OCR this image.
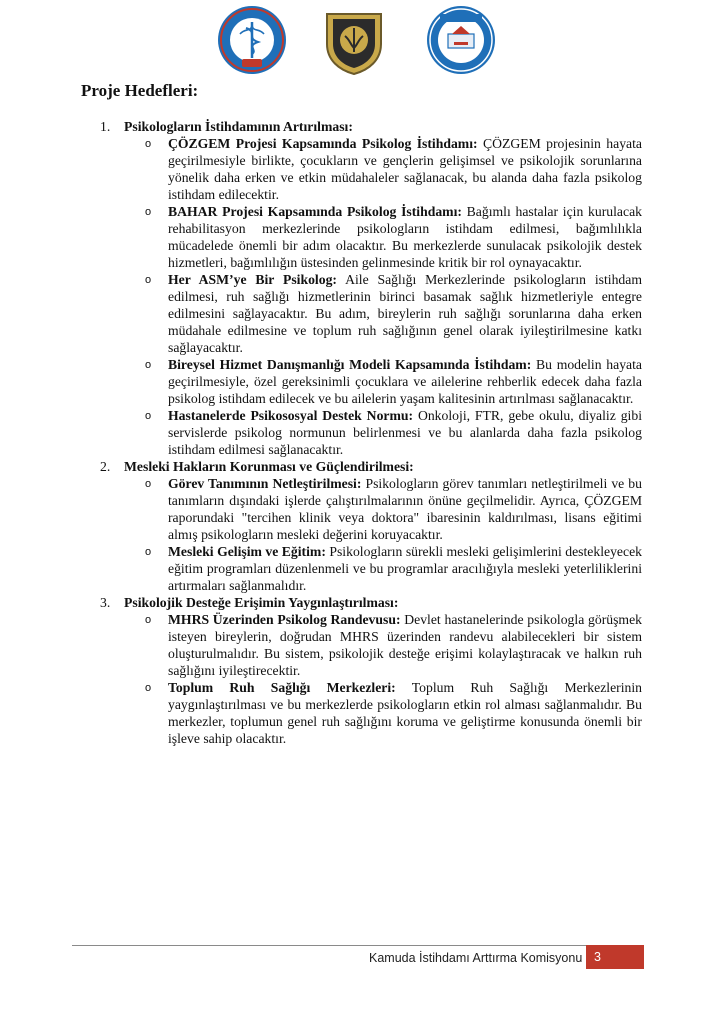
Proje Hedefleri:
1. Psikologların İstihdamının Artırılması:
o ÇÖZGEM Projesi Kapsamında Psikolog İstihdamı: ÇÖZGEM projesinin hayata geçirilmesiyle birlikte, çocukların ve gençlerin gelişimsel ve psikolojik sorunlarına yönelik daha erken ve etkin müdahaleler sağlanacak, bu alanda daha fazla psikolog istihdam edilecektir.
o BAHAR Projesi Kapsamında Psikolog İstihdamı: Bağımlı hastalar için kurulacak rehabilitasyon merkezlerinde psikologların istihdam edilmesi, bağımlılıkla mücadelede önemli bir adım olacaktır. Bu merkezlerde sunulacak psikolojik destek hizmetleri, bağımlılığın üstesinden gelinmesinde kritik bir rol oynayacaktır.
o Her ASM’ye Bir Psikolog: Aile Sağlığı Merkezlerinde psikologların istihdam edilmesi, ruh sağlığı hizmetlerinin birinci basamak sağlık hizmetleriyle entegre edilmesini sağlayacaktır. Bu adım, bireylerin ruh sağlığı sorunlarına daha erken müdahale edilmesine ve toplum ruh sağlığının genel olarak iyileştirilmesine katkı sağlayacaktır.
o Bireysel Hizmet Danışmanlığı Modeli Kapsamında İstihdam: Bu modelin hayata geçirilmesiyle, özel gereksinimli çocuklara ve ailelerine rehberlik edecek daha fazla psikolog istihdam edilecek ve bu ailelerin yaşam kalitesinin artırılması sağlanacaktır.
o Hastanelerde Psikososyal Destek Normu: Onkoloji, FTR, gebe okulu, diyaliz gibi servislerde psikolog normunun belirlenmesi ve bu alanlarda daha fazla psikolog istihdam edilmesi sağlanacaktır.
2. Mesleki Hakların Korunması ve Güçlendirilmesi:
o Görev Tanımının Netleştirilmesi: Psikologların görev tanımları netleştirilmeli ve bu tanımların dışındaki işlerde çalıştırılmalarının önüne geçilmelidir. Ayrıca, ÇÖZGEM raporundaki "tercihen klinik veya doktora" ibaresinin kaldırılması, lisans eğitimi almış psikologların mesleki değerini koruyacaktır.
o Mesleki Gelişim ve Eğitim: Psikologların sürekli mesleki gelişimlerini destekleyecek eğitim programları düzenlenmeli ve bu programlar aracılığıyla mesleki yeterliliklerini artırmaları sağlanmalıdır.
3. Psikolojik Desteğe Erişimin Yaygınlaştırılması:
o MHRS Üzerinden Psikolog Randevusu: Devlet hastanelerinde psikologla görüşmek isteyen bireylerin, doğrudan MHRS üzerinden randevu alabilecekleri bir sistem oluşturulmalıdır. Bu sistem, psikolojik desteğe erişimi kolaylaştıracak ve halkın ruh sağlığını iyileştirecektir.
o Toplum Ruh Sağlığı Merkezleri: Toplum Ruh Sağlığı Merkezlerinin yaygınlaştırılması ve bu merkezlerde psikologların etkin rol alması sağlanmalıdır. Bu merkezler, toplumun genel ruh sağlığını koruma ve geliştirme konusunda önemli bir işleve sahip olacaktır.
Kamuda İstihdamı Arttırma Komisyonu 3
